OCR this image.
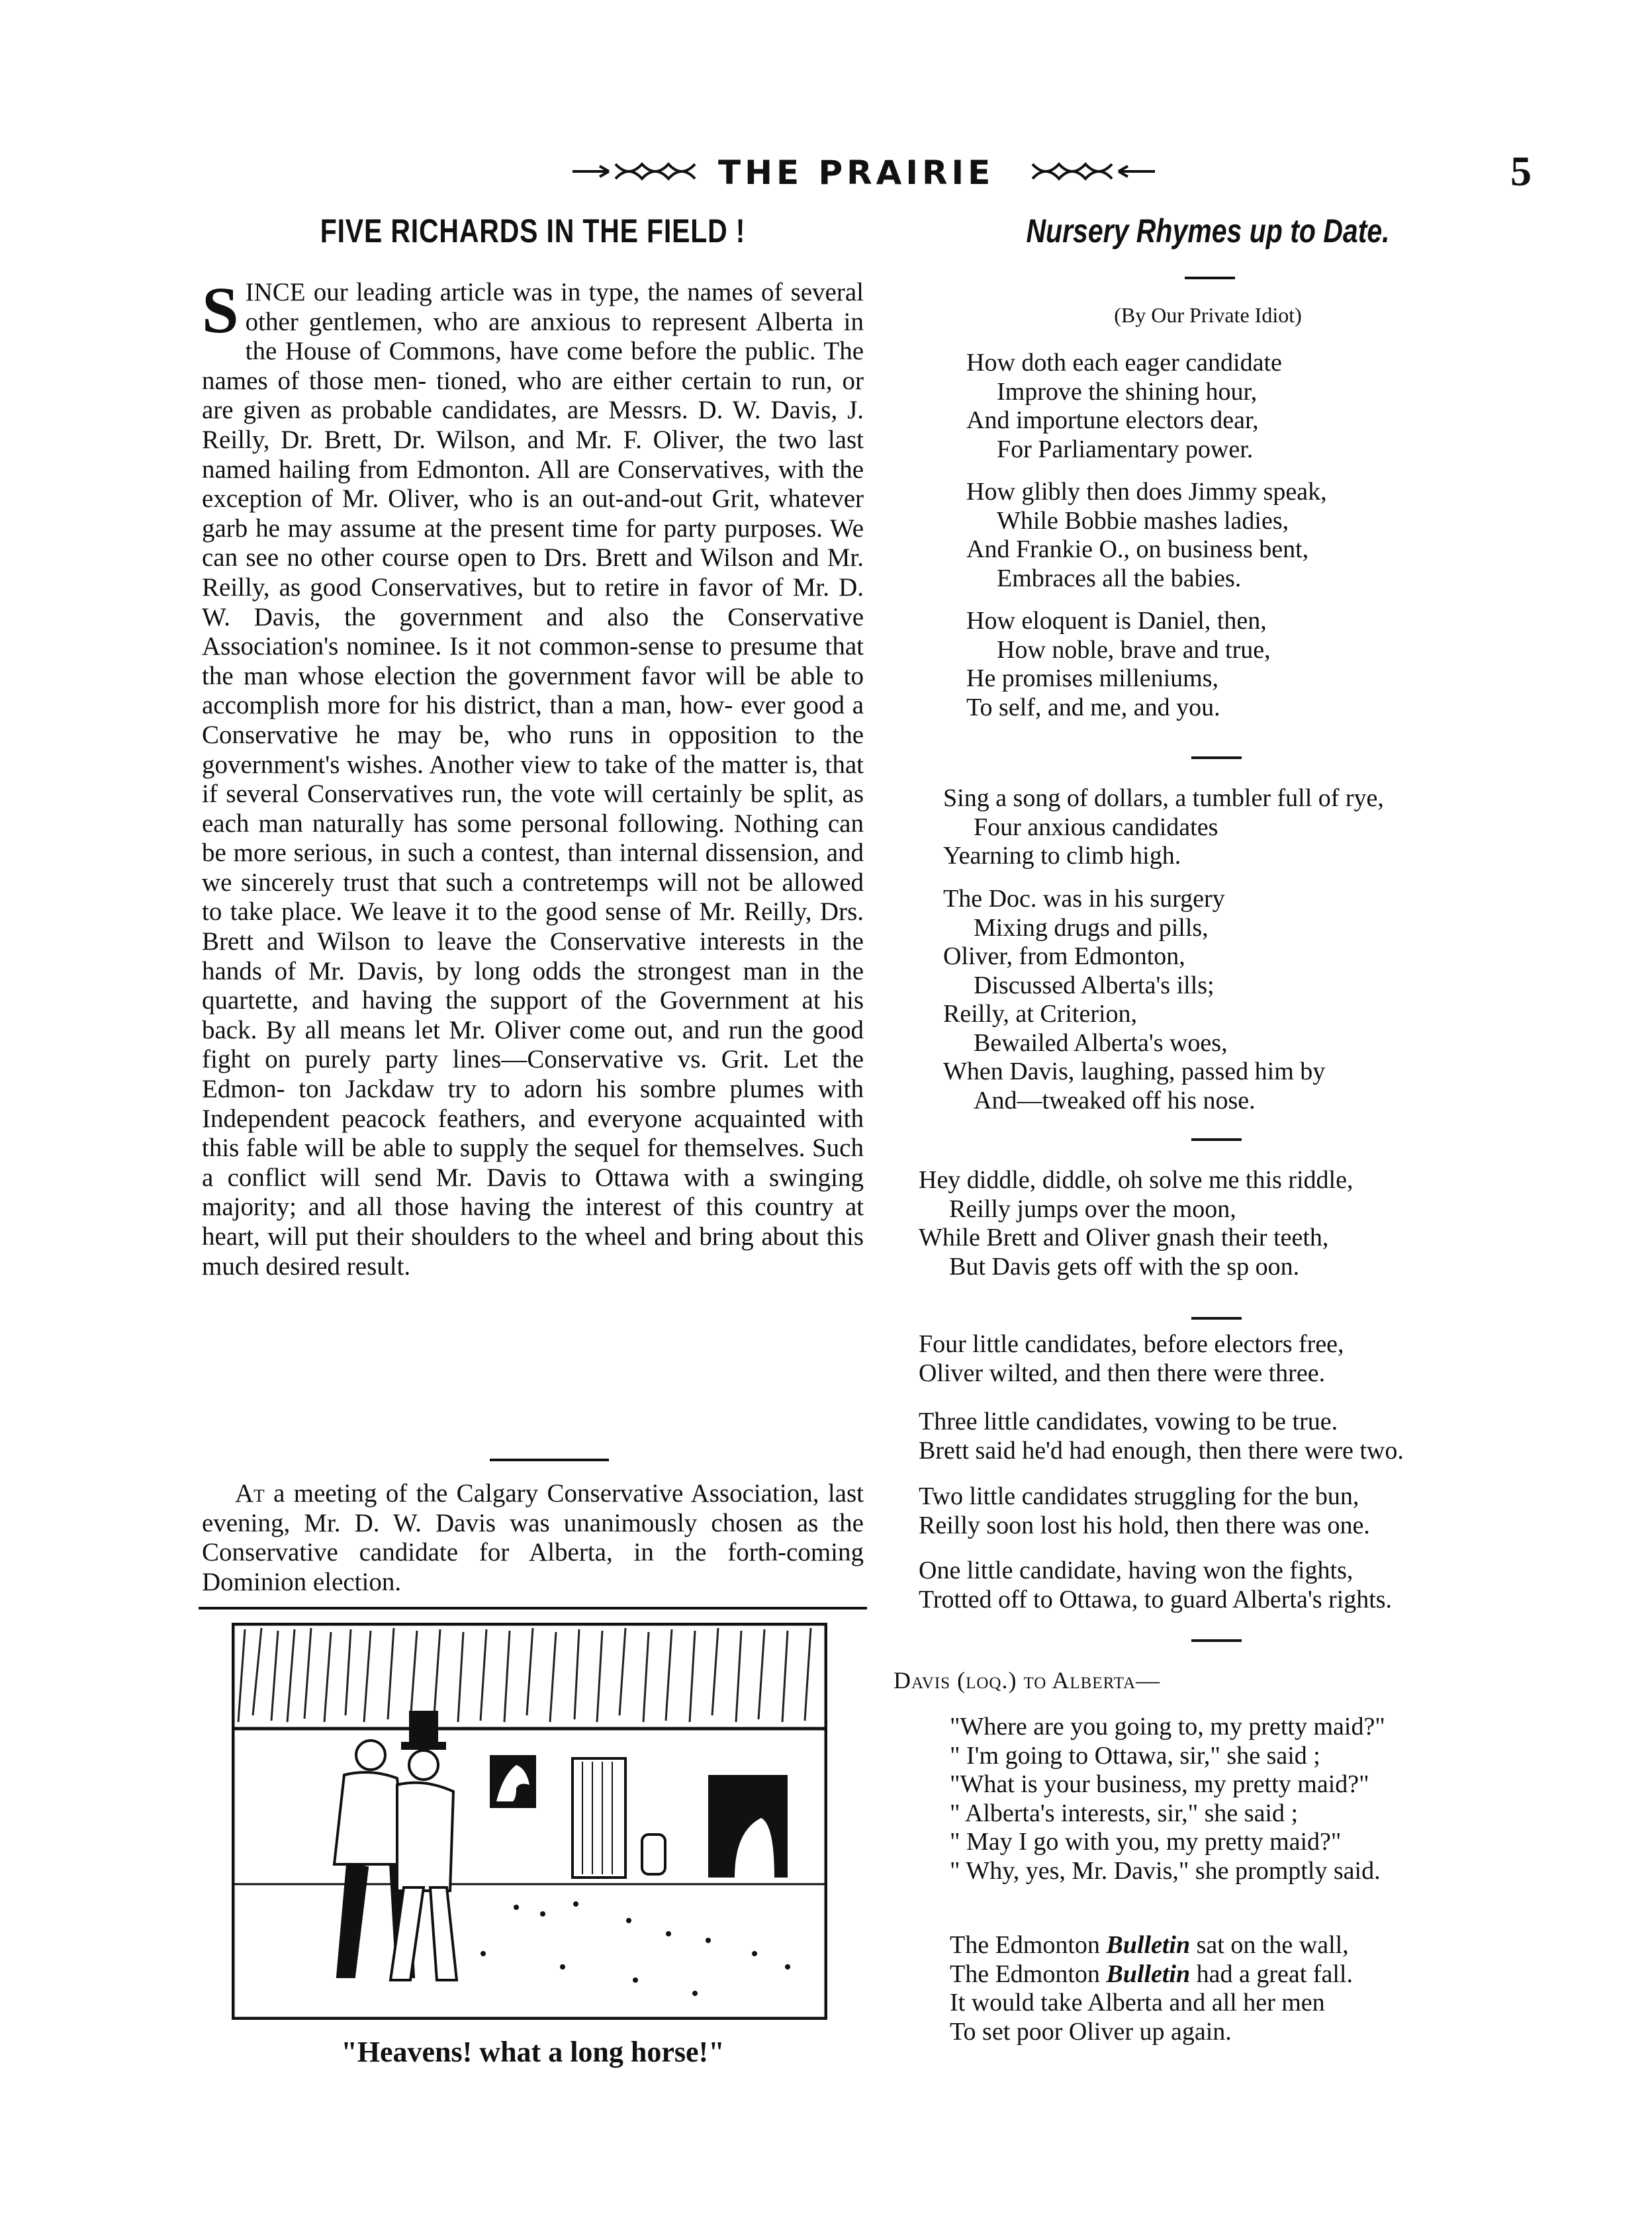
THE PRAIRIE	5
FIVE RICHARDS IN THE FIELD !

S INCE our leading article was in type, the names of several other gentlemen, who are anxious to represent Alberta in the House of Commons, have come before the public. The names of those men- tioned, who are either certain to run, or are given as probable candidates, are Messrs. D. W. Davis, J. Reilly, Dr. Brett, Dr. Wilson, and Mr. F. Oliver, the two last named hailing from Edmonton. All are Conservatives, with the exception of Mr. Oliver, who is an out-and-out Grit, whatever garb he may assume at the present time for party purposes. We can see no other course open to Drs. Brett and Wilson and Mr. Reilly, as good Conservatives, but to retire in favor of Mr. D. W. Davis, the government and also the Conservative Association's nominee. Is it not common-sense to presume that the man whose election the government favor will be able to accomplish more for his district, than a man, how- ever good a Conservative he may be, who runs in opposition to the government's wishes. Another view to take of the matter is, that if several Conservatives run, the vote will certainly be split, as each man naturally has some personal following. Nothing can be more serious, in such a contest, than internal dissension, and we sincerely trust that such a contretemps will not be allowed to take place. We leave it to the good sense of Mr. Reilly, Drs. Brett and Wilson to leave the Conservative interests in the hands of Mr. Davis, by long odds the strongest man in the quartette, and having the support of the Government at his back. By all means let Mr. Oliver come out, and run the good fight on purely party lines—Conservative vs. Grit. Let the Edmon- ton Jackdaw try to adorn his sombre plumes with Independent peacock feathers, and everyone acquainted with this fable will be able to supply the sequel for themselves. Such a conflict will send Mr. Davis to Ottawa with a swinging majority; and all those having the interest of this country at heart, will put their shoulders to the wheel and bring about this much desired result.

At a meeting of the Calgary Conservative Association, last evening, Mr. D. W. Davis was unanimously chosen as the Conservative candidate for Alberta, in the forth-coming Dominion election.
"Heavens! what a long horse!"
Nursery Rhymes up to Date.
(By Our Private Idiot)
How doth each eager candidate
Improve the shining hour,
And importune electors dear,
For Parliamentary power.
How glibly then does Jimmy speak,
While Bobbie mashes ladies,
And Frankie O., on business bent,
Embraces all the babies.
How eloquent is Daniel, then,
How noble, brave and true,
He promises milleniums,
To self, and me, and you.
Sing a song of dollars, a tumbler full of rye,
Four anxious candidates
Yearning to climb high.
The Doc. was in his surgery
Mixing drugs and pills,
Oliver, from Edmonton,
Discussed Alberta's ills;
Reilly, at Criterion,
Bewailed Alberta's woes,
When Davis, laughing, passed him by
And—tweaked off his nose.
Hey diddle, diddle, oh solve me this riddle,
Reilly jumps over the moon,
While Brett and Oliver gnash their teeth,
But Davis gets off with the sp oon.
Four little candidates, before electors free,
Oliver wilted, and then there were three.
Three little candidates, vowing to be true.
Brett said he'd had enough, then there were two.
Two little candidates struggling for the bun,
Reilly soon lost his hold, then there was one.
One little candidate, having won the fights,
Trotted off to Ottawa, to guard Alberta's rights.
Davis (loq.) to Alberta—
"Where are you going to, my pretty maid?"
" I'm going to Ottawa, sir," she said ;
"What is your business, my pretty maid?"
" Alberta's interests, sir," she said ;
" May I go with you, my pretty maid?"
" Why, yes, Mr. Davis," she promptly said.
The Edmonton Bulletin sat on the wall,
The Edmonton Bulletin had a great fall.
It would take Alberta and all her men
To set poor Oliver up again.
